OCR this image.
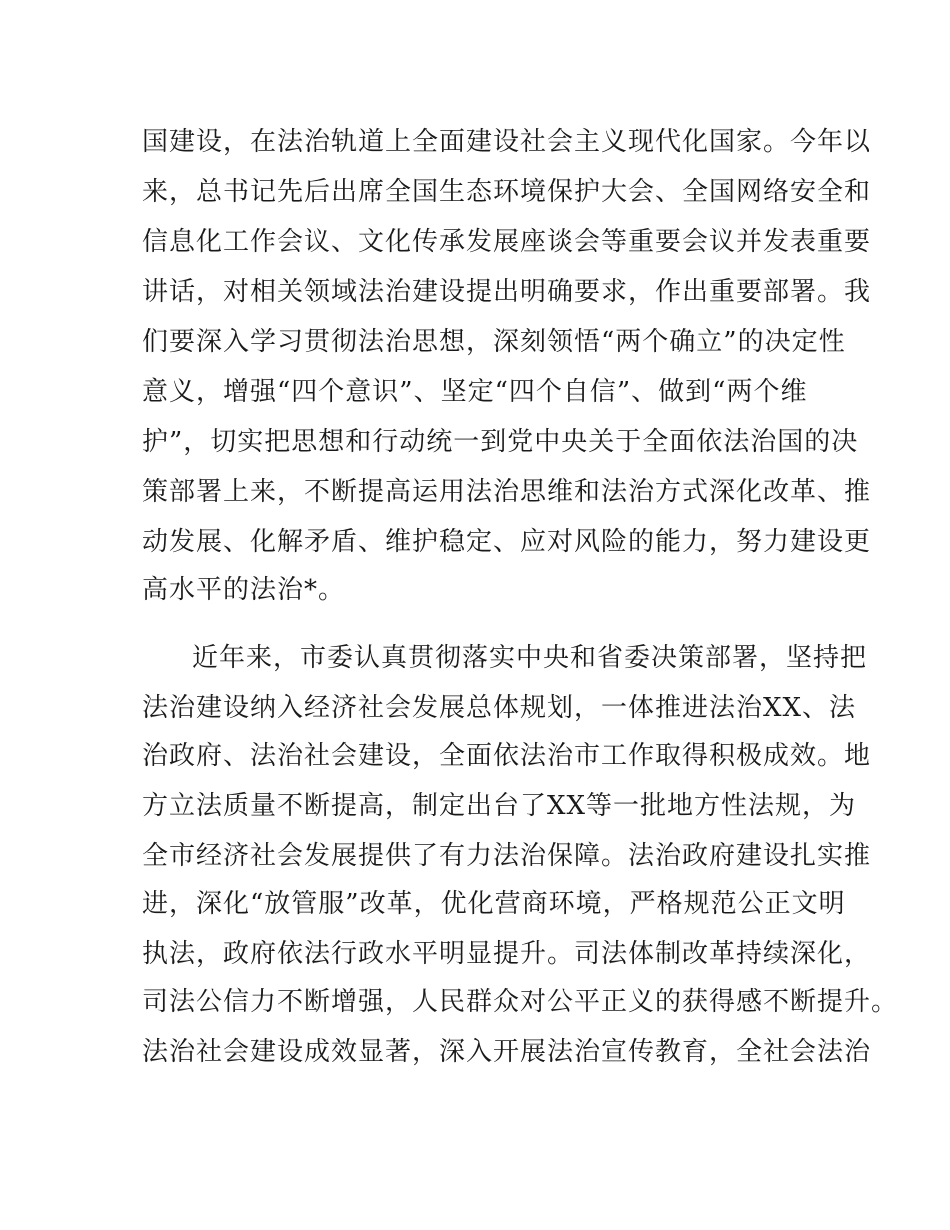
国建设，在法治轨道上全面建设社会主义现代化国家。今年以
来，总书记先后出席全国生态环境保护大会、全国网络安全和
信息化工作会议、文化传承发展座谈会等重要会议并发表重要
讲话，对相关领域法治建设提出明确要求，作出重要部署。我
们要深入学习贯彻法治思想，深刻领悟“两个确立”的决定性
意义，增强“四个意识”、坚定“四个自信”、做到“两个维
护”，切实把思想和行动统一到党中央关于全面依法治国的决
策部署上来，不断提高运用法治思维和法治方式深化改革、推
动发展、化解矛盾、维护稳定、应对风险的能力，努力建设更
高水平的法治*。
近年来，市委认真贯彻落实中央和省委决策部署，坚持把
法治建设纳入经济社会发展总体规划，一体推进法治XX、法
治政府、法治社会建设，全面依法治市工作取得积极成效。地
方立法质量不断提高，制定出台了XX等一批地方性法规，为
全市经济社会发展提供了有力法治保障。法治政府建设扎实推
进，深化“放管服”改革，优化营商环境，严格规范公正文明
执法，政府依法行政水平明显提升。司法体制改革持续深化，
司法公信力不断增强，人民群众对公平正义的获得感不断提升。
法治社会建设成效显著，深入开展法治宣传教育，全社会法治
